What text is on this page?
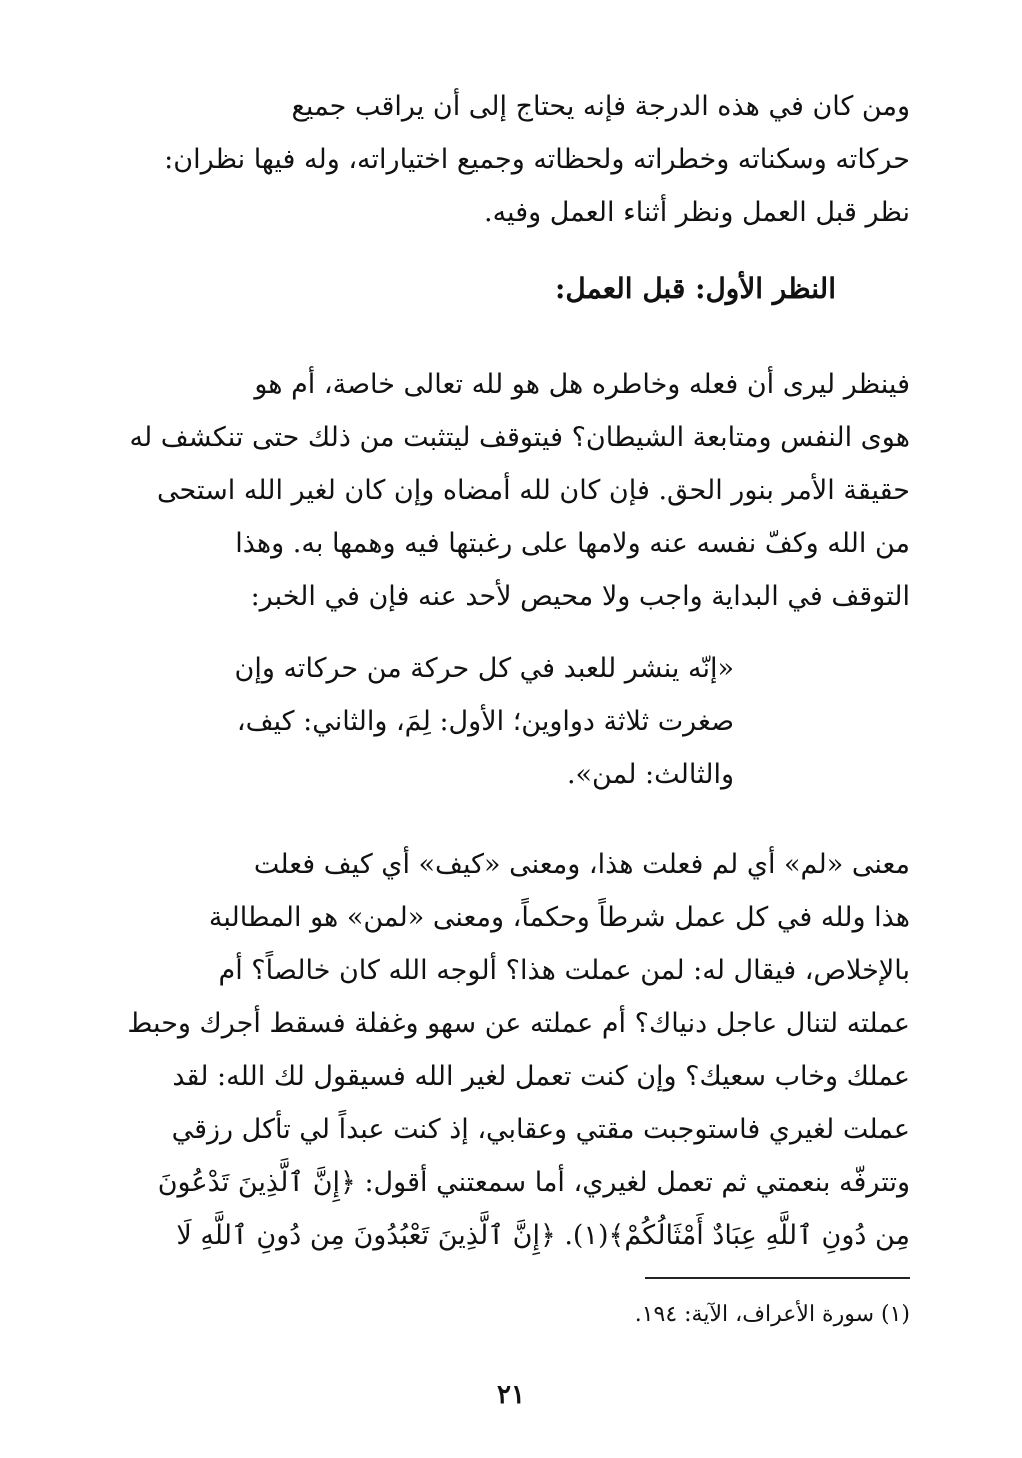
ومن كان في هذه الدرجة فإنه يحتاج إلى أن يراقب جميع
حركاته وسكناته وخطراته ولحظاته وجميع اختياراته، وله فيها نظران:
نظر قبل العمل ونظر أثناء العمل وفيه.
النظر الأول: قبل العمل:
فينظر ليرى أن فعله وخاطره هل هو لله تعالى خاصة، أم هو
هوى النفس ومتابعة الشيطان؟ فيتوقف ليتثبت من ذلك حتى تنكشف له
حقيقة الأمر بنور الحق. فإن كان لله أمضاه وإن كان لغير الله استحى
من الله وكفّ نفسه عنه ولامها على رغبتها فيه وهمها به. وهذا
التوقف في البداية واجب ولا محيص لأحد عنه فإن في الخبر:
«إنّه ينشر للعبد في كل حركة من حركاته وإن
صغرت ثلاثة دواوين؛ الأول: لِمَ، والثاني: كيف،
والثالث: لمن».
معنى «لم» أي لم فعلت هذا، ومعنى «كيف» أي كيف فعلت
هذا ولله في كل عمل شرطاً وحكماً، ومعنى «لمن» هو المطالبة
بالإخلاص، فيقال له: لمن عملت هذا؟ ألوجه الله كان خالصاً؟ أم
عملته لتنال عاجل دنياك؟ أم عملته عن سهو وغفلة فسقط أجرك وحبط
عملك وخاب سعيك؟ وإن كنت تعمل لغير الله فسيقول لك الله: لقد
عملت لغيري فاستوجبت مقتي وعقابي، إذ كنت عبداً لي تأكل رزقي
وتترفّه بنعمتي ثم تعمل لغيري، أما سمعتني أقول: ﴿إِنَّ ٱلَّذِينَ تَدْعُونَ
مِن دُونِ ٱللَّهِ عِبَادٌ أَمْثَالُكُمْ﴾(١). ﴿إِنَّ ٱلَّذِينَ تَعْبُدُونَ مِن دُونِ ٱللَّهِ لَا
(١) سورة الأعراف، الآية: ١٩٤.
٢١
